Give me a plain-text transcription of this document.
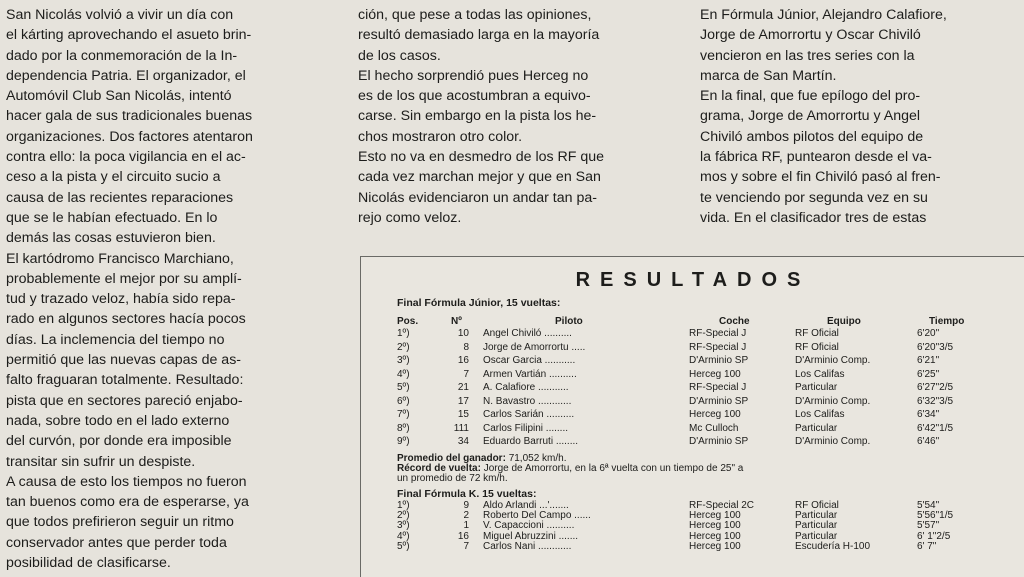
San Nicolás volvió a vivir un día con
el kárting aprovechando el asueto brin-
dado por la conmemoración de la In-
dependencia Patria. El organizador, el
Automóvil Club San Nicolás, intentó
hacer gala de sus tradicionales buenas
organizaciones. Dos factores atentaron
contra ello: la poca vigilancia en el ac-
ceso a la pista y el circuito sucio a
causa de las recientes reparaciones
que se le habían efectuado. En lo
demás las cosas estuvieron bien.
El kartódromo Francisco Marchiano,
probablemente el mejor por su amplí-
tud y trazado veloz, había sido repa-
rado en algunos sectores hacía pocos
días. La inclemencia del tiempo no
permitió que las nuevas capas de as-
falto fraguaran totalmente. Resultado:
pista que en sectores pareció enjabo-
nada, sobre todo en el lado externo
del curvón, por donde era imposible
transitar sin sufrir un despiste.
A causa de esto los tiempos no fueron
tan buenos como era de esperarse, ya
que todos prefirieron seguir un ritmo
conservador antes que perder toda
posibilidad de clasificarse.
ción, que pese a todas las opiniones,
resultó demasiado larga en la mayoría
de los casos.
El hecho sorprendió pues Herceg no
es de los que acostumbran a equivo-
carse. Sin embargo en la pista los he-
chos mostraron otro color.
Esto no va en desmedro de los RF que
cada vez marchan mejor y que en San
Nicolás evidenciaron un andar tan pa-
rejo como veloz.
En Fórmula Júnior, Alejandro Calafiore,
Jorge de Amorrortu y Oscar Chiviló
vencieron en las tres series con la
marca de San Martín.
En la final, que fue epílogo del pro-
grama, Jorge de Amorrortu y Angel
Chiviló ambos pilotos del equipo de
la fábrica RF, puntearon desde el va-
mos y sobre el fin Chiviló pasó al fren-
te venciendo por segunda vez en su
vida. En el clasificador tres de estas
RESULTADOS
Final Fórmula Júnior, 15 vueltas:
Pos.	Nº	Piloto	Coche	Equipo	Tiempo
1º)	10 Angel Chiviló ..........	RF-Special J	RF Oficial	6'20"
2º)	8 Jorge de Amorrortu .....	RF-Special J	RF Oficial	6'20"3/5
3º)	16 Oscar Garcia ...........	D'Arminio SP	D'Arminio Comp.	6'21"
4º)	7 Armen Vartián ..........	Herceg 100	Los Califas	6'25"
5º)	21 A. Calafiore ...........	RF-Special J	Particular	6'27"2/5
6º)	17 N. Bavastro ............	D'Arminio SP	D'Arminio Comp.	6'32"3/5
7º)	15 Carlos Sarián ..........	Herceg 100	Los Califas	6'34"
8º)	111 Carlos Filipini ........	Mc Culloch	Particular	6'42"1/5
9º)	34 Eduardo Barruti ........	D'Arminio SP	D'Arminio Comp.	6'46"
Promedio del ganador: 71,052 km/h.
Récord de vuelta: Jorge de Amorrortu, en la 6ª vuelta con un tiempo de 25" a
un promedio de 72 km/h.
Final Fórmula K. 15 vueltas:
1º)	9 Aldo Arlandi ...'.......	RF-Special 2C	RF Oficial	5'54"
2º)	2 Roberto Del Campo ......	Herceg 100	Particular	5'56"1/5
3º)	1 V. Capaccioni ..........	Herceg 100	Particular	5'57"
4º)	16 Miguel Abruzzini .......	Herceg 100	Particular	6' 1"2/5
5º)	7 Carlos Nani ............	Herceg 100	Escudería H-100	6' 7"
